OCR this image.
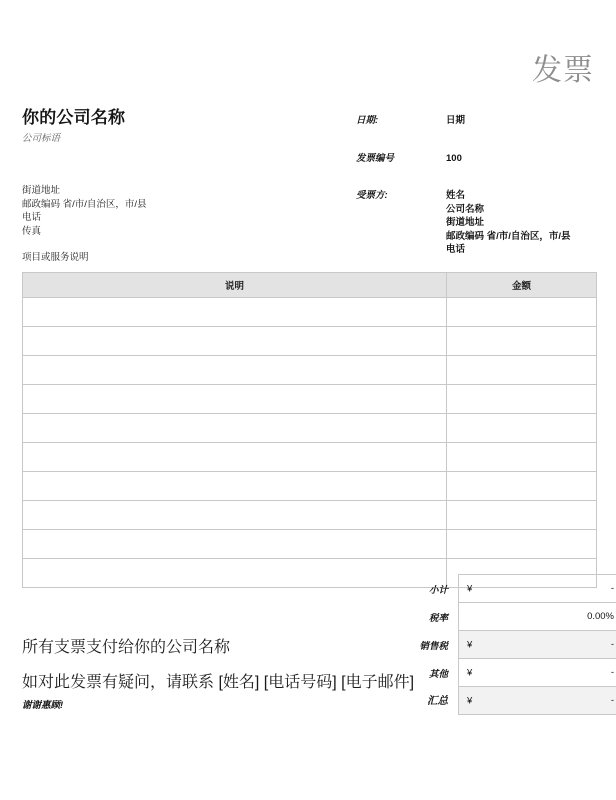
发票
你的公司名称
公司标语
街道地址
邮政编码 省/市/自治区，市/县
电话
传真
项目或服务说明
日期:	日期
发票编号	100
受票方:	姓名
公司名称
街道地址
邮政编码 省/市/自治区，市/县
电话
说明	金额

小计	¥ -

税率	0.00%

销售税	¥ -

其他	¥ -

汇总	¥ -
所有支票支付给你的公司名称
如对此发票有疑问，请联系 [姓名] [电话号码] [电子邮件]
谢谢惠顾!
